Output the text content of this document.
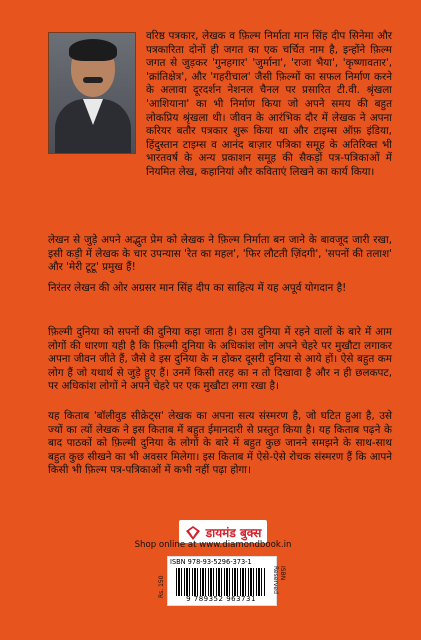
वरिष्ठ पत्रकार, लेखक व फ़िल्म निर्माता मान सिंह दीप सिनेमा और पत्रकारिता दोनों ही जगत का एक चर्चित नाम है, इन्होंने फ़िल्म जगत से जुड़कर 'गुनहगार' 'जुर्माना', 'राजा भैया', 'कृष्णावतार', 'क्रांतिक्षेत्र', और 'गहरीचाल' जैसी फ़िल्मों का सफल निर्माण करने के अलावा दूरदर्शन नेशनल चैनल पर प्रसारित टी.वी. श्रृंखला 'आशियाना' का भी निर्माण किया जो अपने समय की बहुत लोकप्रिय श्रृंखला थी। जीवन के आरंभिक दौर में लेखक ने अपना करियर बतौर पत्रकार शुरू किया था और टाइम्स ऑफ़ इंडिया, हिंदुस्तान टाइम्स व आनंद बाज़ार पत्रिका समूह के अतिरिक्त भी भारतवर्ष के अन्य प्रकाशन समूह की सैकड़ों पत्र-पत्रिकाओं में नियमित लेख, कहानियां और कविताएं लिखने का कार्य किया।

लेखन से जुड़े अपने अद्भुत प्रेम को लेखक ने फ़िल्म निर्माता बन जाने के बावजूद जारी रखा, इसी कड़ी में लेखक के चार उपन्यास 'रेत का महल', 'फिर लौटती ज़िंदगी', 'सपनों की तलाश' और 'मेरी टूटू' प्रमुख हैं!

निरंतर लेखन की ओर अग्रसर मान सिंह दीप का साहित्य में यह अपूर्व योगदान है!

फ़िल्मी दुनिया को सपनों की दुनिया कहा जाता है। उस दुनिया में रहने वालों के बारे में आम लोगों की धारणा यही है कि फ़िल्मी दुनिया के अधिकांश लोग अपने चेहरे पर मुखौटा लगाकर अपना जीवन जीते हैं, जैसे वे इस दुनिया के न होकर दूसरी दुनिया से आये हों। ऐसे बहुत कम लोग हैं जो यथार्थ से जुड़े हुए हैं। उनमें किसी तरह का न तो दिखावा है और न ही छलकपट, पर अधिकांश लोगों ने अपने चेहरे पर एक मुखौटा लगा रखा है।

यह किताब 'बॉलीवुड सीक्रेट्स' लेखक का अपना सत्य संस्मरण है, जो घटित हुआ है, उसे ज्यों का त्यों लेखक ने इस किताब में बहुत ईमानदारी से प्रस्तुत किया है। यह किताब पढ़ने के बाद पाठकों को फ़िल्मी दुनिया के लोगों के बारे में बहुत कुछ जानने समझने के साथ-साथ बहुत कुछ सीखने का भी अवसर मिलेगा। इस किताब में ऐसे-ऐसे रोचक संस्मरण हैं कि आपने किसी भी फ़िल्म पत्र-पत्रिकाओं में कभी नहीं पढ़ा होगा।

डायमंड बुक्स
Shop online at www.diamondbook.in
Rs. 150
ISBN 978-93-5296-373-1
9 789352 963731
ISBN Reserved
